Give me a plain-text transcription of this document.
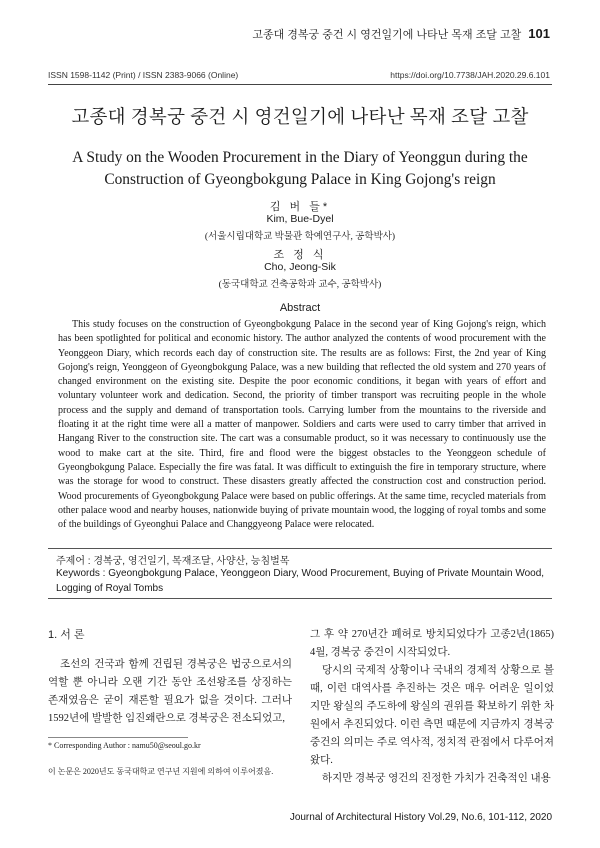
고종대 경복궁 중건 시 영건일기에 나타난 목재 조달 고찰 101
ISSN 1598-1142 (Print) / ISSN 2383-9066 (Online)	https://doi.org/10.7738/JAH.2020.29.6.101
고종대 경복궁 중건 시 영건일기에 나타난 목재 조달 고찰
A Study on the Wooden Procurement in the Diary of Yeonggun during the Construction of Gyeongbokgung Palace in King Gojong's reign
김 버 들*
Kim, Bue-Dyel
(서울시립대학교 박물관 학예연구사, 공학박사)
조 정 식
Cho, Jeong-Sik
(동국대학교 건축공학과 교수, 공학박사)
Abstract
This study focuses on the construction of Gyeongbokgung Palace in the second year of King Gojong's reign, which has been spotlighted for political and economic history. The author analyzed the contents of wood procurement with the Yeonggeon Diary, which records each day of construction site. The results are as follows: First, the 2nd year of King Gojong's reign, Yeonggeon of Gyeongbokgung Palace, was a new building that reflected the old system and 270 years of changed environment on the existing site. Despite the poor economic conditions, it began with years of effort and voluntary volunteer work and dedication. Second, the priority of timber transport was recruiting people in the whole process and the supply and demand of transportation tools. Carrying lumber from the mountains to the riverside and floating it at the right time were all a matter of manpower. Soldiers and carts were used to carry timber that arrived in Hangang River to the construction site. The cart was a consumable product, so it was necessary to continuously use the wood to make cart at the site. Third, fire and flood were the biggest obstacles to the Yeonggeon schedule of Gyeongbokgung Palace. Especially the fire was fatal. It was difficult to extinguish the fire in temporary structure, where was the storage for wood to construct. These disasters greatly affected the construction cost and construction period. Wood procurements of Gyeongbokgung Palace were based on public offerings. At the same time, recycled materials from other palace wood and nearby houses, nationwide buying of private mountain wood, the logging of royal tombs and some of the buildings of Gyeonghui Palace and Changgyeong Palace were relocated.
주제어 : 경복궁, 영건일기, 목재조달, 사양산, 능침벌목
Keywords : Gyeongbokgung Palace, Yeonggeon Diary, Wood Procurement, Buying of Private Mountain Wood, Logging of Royal Tombs
1. 서 론
조선의 건국과 함께 건립된 경복궁은 법궁으로서의 역할 뿐 아니라 오랜 기간 동안 조선왕조를 상징하는 존재였음은 굳이 재론할 필요가 없을 것이다. 그러나 1592년에 발발한 임진왜란으로 경복궁은 전소되었고,
* Corresponding Author : namu50@seoul.go.kr
이 논문은 2020년도 동국대학교 연구년 지원에 의하여 이루어졌음.

그 후 약 270년간 폐허로 방치되었다가 고종2년(1865) 4월, 경복궁 중건이 시작되었다.

당시의 국제적 상황이나 국내의 경제적 상황으로 볼 때, 이런 대역사를 추진하는 것은 매우 어려운 일이었지만 왕실의 주도하에 왕실의 권위를 확보하기 위한 차원에서 추진되었다. 이런 측면 때문에 지금까지 경복궁 중건의 의미는 주로 역사적, 정치적 관점에서 다루어져 왔다.

하지만 경복궁 영건의 진정한 가치가 건축적인 내용

Journal of Architectural History Vol.29, No.6, 101-112, 2020
